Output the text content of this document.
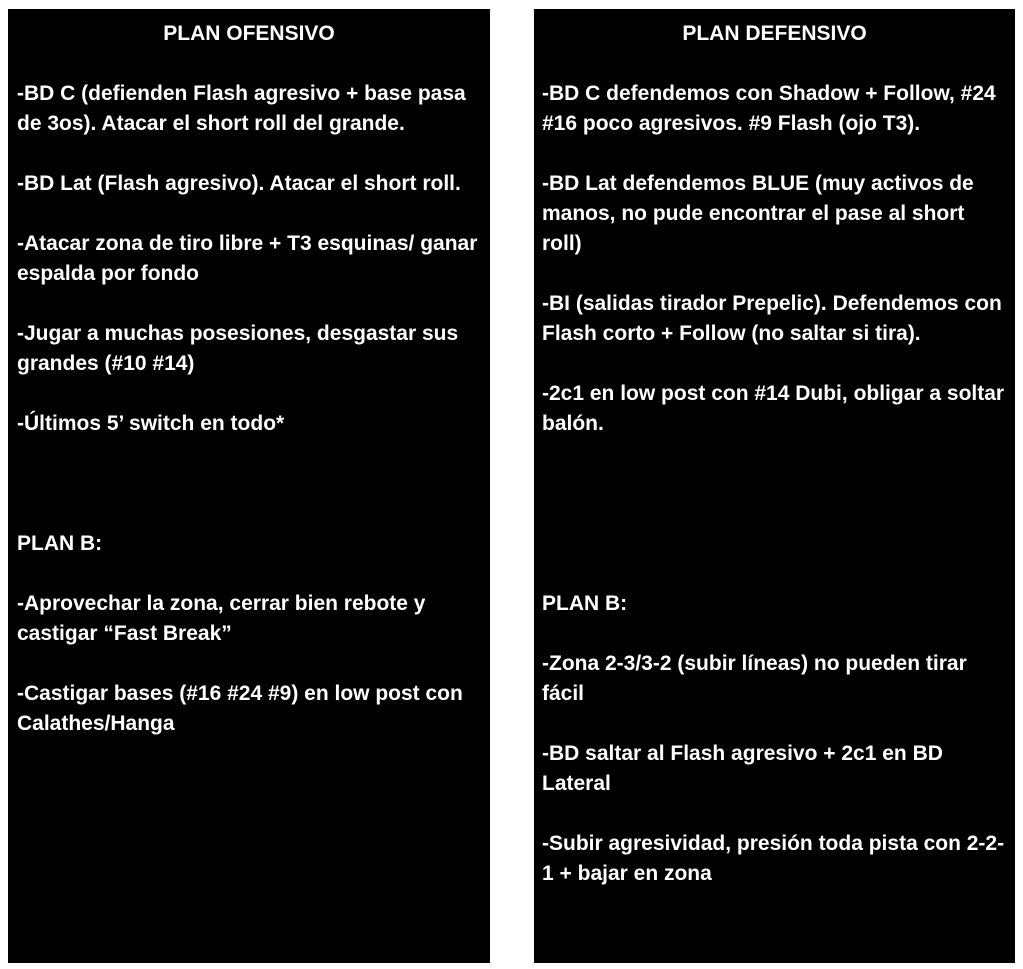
PLAN OFENSIVO

-BD C (defienden Flash agresivo + base pasa de 3os). Atacar el short roll del grande.

-BD Lat (Flash agresivo). Atacar el short roll.

-Atacar zona de tiro libre + T3 esquinas/ ganar espalda por fondo

-Jugar a muchas posesiones, desgastar sus grandes (#10 #14)

-Últimos 5’ switch en todo*

PLAN B:

-Aprovechar la zona, cerrar bien rebote y castigar “Fast Break”

-Castigar bases (#16 #24 #9) en low post con Calathes/Hanga

PLAN DEFENSIVO

-BD C defendemos con Shadow + Follow, #24 #16 poco agresivos. #9 Flash (ojo T3).

-BD Lat defendemos BLUE (muy activos de manos, no pude encontrar el pase al short roll)

-BI (salidas tirador Prepelic). Defendemos con Flash corto + Follow (no saltar si tira).

-2c1 en low post con #14 Dubi, obligar a soltar balón.

PLAN B:

-Zona 2-3/3-2 (subir líneas) no pueden tirar fácil

-BD saltar al Flash agresivo + 2c1 en BD Lateral

-Subir agresividad, presión toda pista con 2-2-1 + bajar en zona
